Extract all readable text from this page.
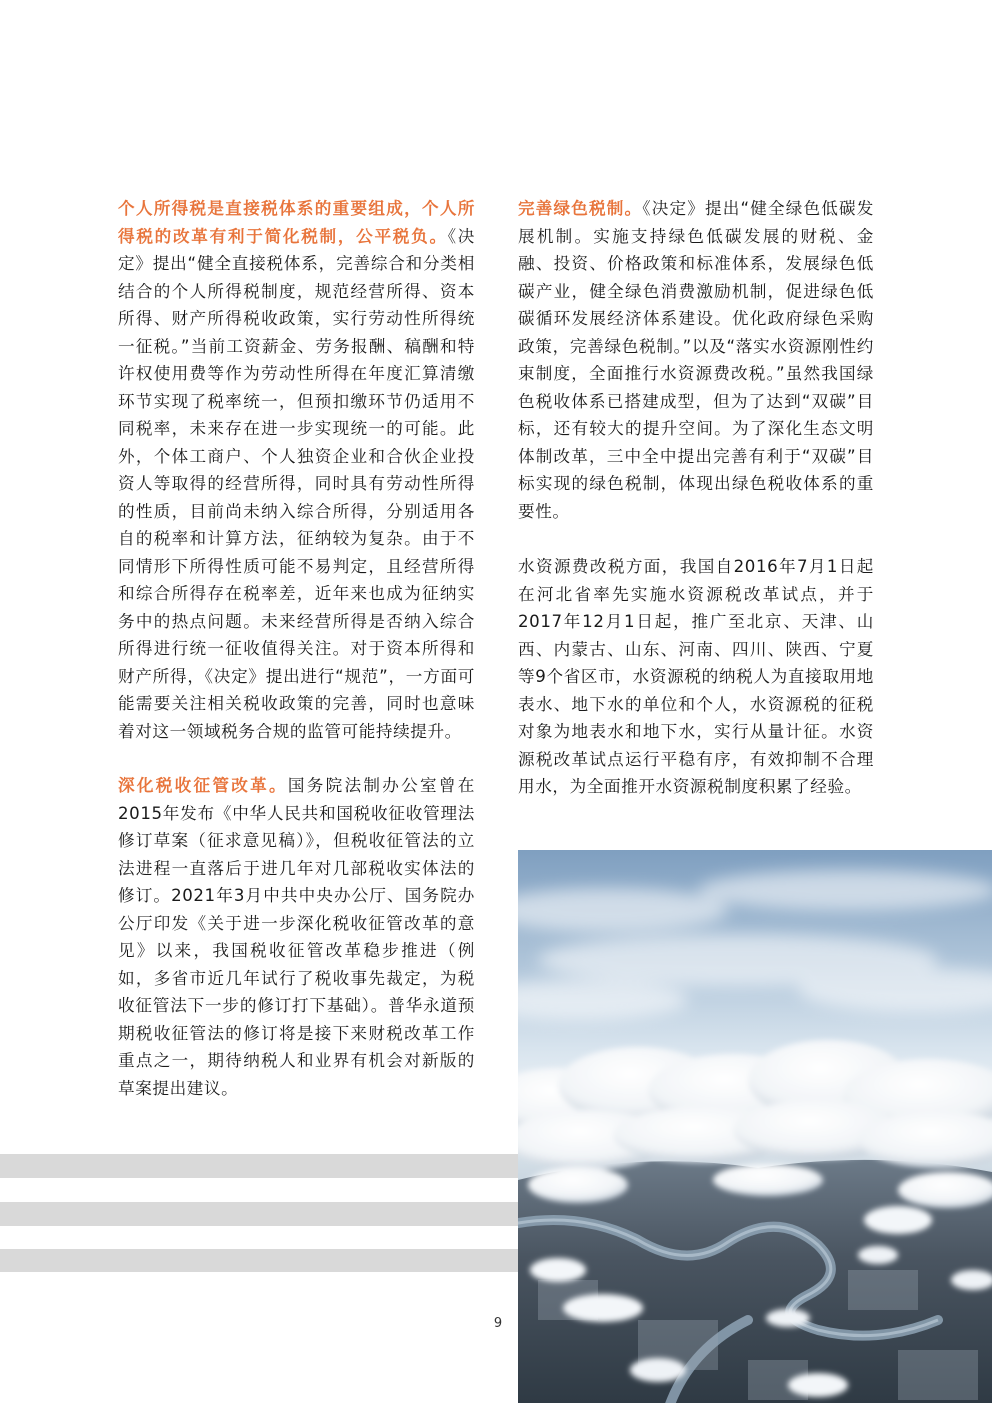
个人所得税是直接税体系的重要组成，个人所得税的改革有利于简化税制，公平税负。《决定》提出“健全直接税体系，完善综合和分类相结合的个人所得税制度，规范经营所得、资本所得、财产所得税收政策，实行劳动性所得统一征税。”当前工资薪金、劳务报酬、稿酬和特许权使用费等作为劳动性所得在年度汇算清缴环节实现了税率统一，但预扣缴环节仍适用不同税率，未来存在进一步实现统一的可能。此外，个体工商户、个人独资企业和合伙企业投资人等取得的经营所得，同时具有劳动性所得的性质，目前尚未纳入综合所得，分别适用各自的税率和计算方法，征纳较为复杂。由于不同情形下所得性质可能不易判定，且经营所得和综合所得存在税率差，近年来也成为征纳实务中的热点问题。未来经营所得是否纳入综合所得进行统一征收值得关注。对于资本所得和财产所得，《决定》提出进行“规范”，一方面可能需要关注相关税收政策的完善，同时也意味着对这一领域税务合规的监管可能持续提升。

深化税收征管改革。国务院法制办公室曾在2015年发布《中华人民共和国税收征收管理法修订草案（征求意见稿）》，但税收征管法的立法进程一直落后于进几年对几部税收实体法的修订。2021年3月中共中央办公厅、国务院办公厅印发《关于进一步深化税收征管改革的意见》以来，我国税收征管改革稳步推进（例如，多省市近几年试行了税收事先裁定，为税收征管法下一步的修订打下基础）。普华永道预期税收征管法的修订将是接下来财税改革工作重点之一，期待纳税人和业界有机会对新版的草案提出建议。

完善绿色税制。《决定》提出“健全绿色低碳发展机制。实施支持绿色低碳发展的财税、金融、投资、价格政策和标准体系，发展绿色低碳产业，健全绿色消费激励机制，促进绿色低碳循环发展经济体系建设。优化政府绿色采购政策，完善绿色税制。”以及“落实水资源刚性约束制度，全面推行水资源费改税。”虽然我国绿色税收体系已搭建成型，但为了达到“双碳”目标，还有较大的提升空间。为了深化生态文明体制改革，三中全中提出完善有利于“双碳”目标实现的绿色税制，体现出绿色税收体系的重要性。

水资源费改税方面，我国自2016年7月1日起在河北省率先实施水资源税改革试点，并于2017年12月1日起，推广至北京、天津、山西、内蒙古、山东、河南、四川、陕西、宁夏等9个省区市，水资源税的纳税人为直接取用地表水、地下水的单位和个人，水资源税的征税对象为地表水和地下水，实行从量计征。水资源税改革试点运行平稳有序，有效抑制不合理用水，为全面推开水资源税制度积累了经验。

9
